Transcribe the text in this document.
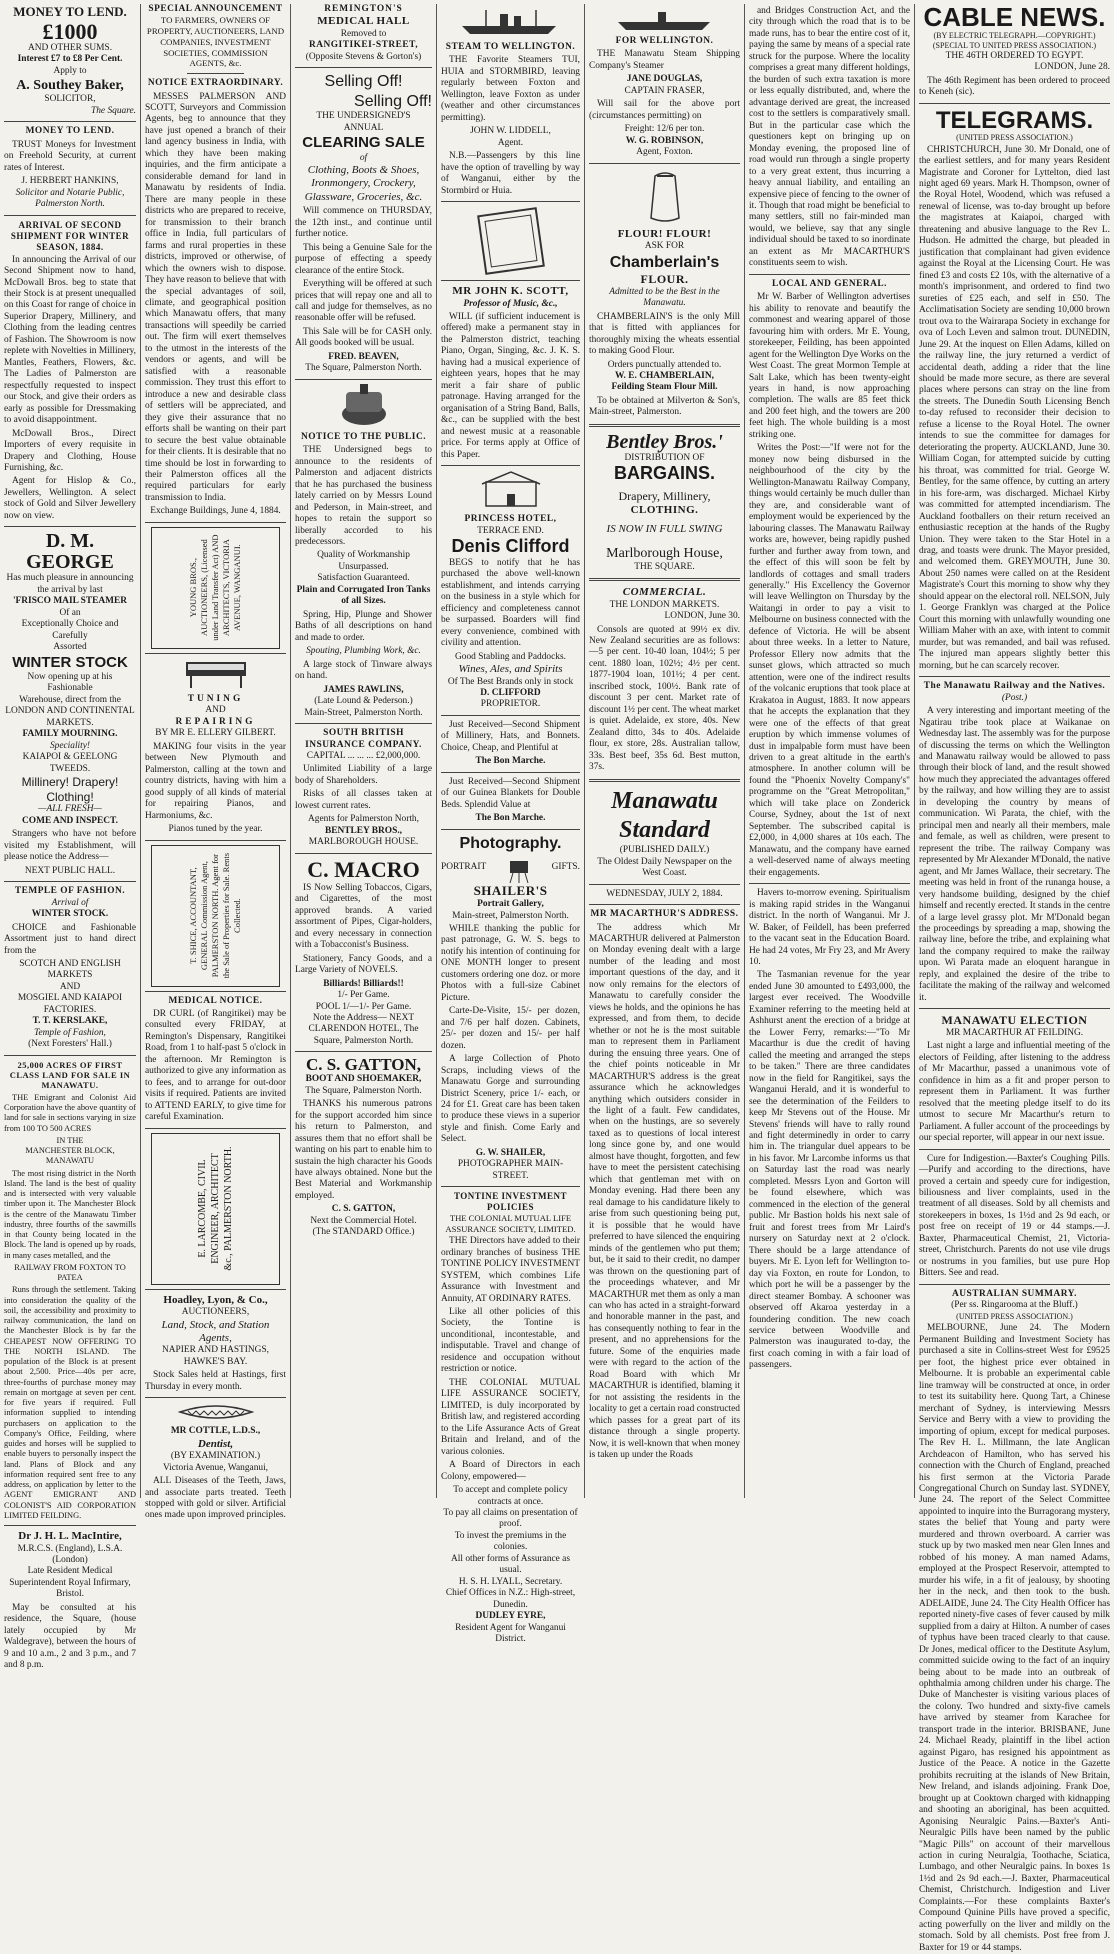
MONEY TO LEND.
£1000
AND OTHER SUMS.
Interest £7 to £8 Per Cent.
Apply to
A. Southey Baker,
SOLICITOR,
The Square.
MONEY TO LEND.

TRUST Moneys for Investment on Freehold Security, at current rates of Interest.

J. HERBERT HANKINS,
Solicitor and Notarie Public, Palmerston North.
ARRIVAL OF SECOND SHIPMENT FOR WINTER SEASON, 1884.

In announcing the Arrival of our Second Shipment now to hand, McDowall Bros. beg to state that their Stock is at present unequalled on this Coast for range of choice in Superior Drapery, Millinery, and Clothing from the leading centres of Fashion. The Showroom is now replete with Novelties in Millinery, Mantles, Feathers, Flowers, &c. The Ladies of Palmerston are respectfully requested to inspect our Stock, and give their orders as early as possible for Dressmaking to avoid disappointment.

McDowall Bros., Direct Importers of every requisite in Drapery and Clothing, House Furnishing, &c.

Agent for Hislop & Co., Jewellers, Wellington. A select stock of Gold and Silver Jewellery now on view.

D. M. GEORGE
Has much pleasure in announcing
the arrival by last
'FRISCO MAIL STEAMER
Of an
Exceptionally Choice and Carefully
Assorted
WINTER STOCK
Now opening up at his Fashionable
Warehouse, direct from the
LONDON AND CONTINENTAL
MARKETS.
FAMILY MOURNING.
Speciality!
KAIAPOI & GEELONG TWEEDS.
Millinery! Drapery!
Clothing!
—ALL FRESH—
COME AND INSPECT.

Strangers who have not before visited my Establishment, will please notice the Address—

NEXT PUBLIC HALL.
TEMPLE OF FASHION.
Arrival of
WINTER STOCK.

CHOICE and Fashionable Assortment just to hand direct from the

SCOTCH AND ENGLISH MARKETS
AND
MOSGIEL AND KAIAPOI FACTORIES.
T. T. KERSLAKE,
Temple of Fashion,
(Next Foresters' Hall.)
25,000 ACRES OF FIRST CLASS LAND FOR SALE IN MANAWATU.

THE Emigrant and Colonist Aid Corporation have the above quantity of land for sale in sections varying in size from 100 TO 500 ACRES

IN THE
MANCHESTER BLOCK, MANAWATU

The most rising district in the North Island. The land is the best of quality and is intersected with very valuable timber upon it. The Manchester Block is the centre of the Manawatu Timber industry, three fourths of the sawmills in that County being located in the Block. The land is opened up by roads, in many cases metalled, and the

RAILWAY FROM FOXTON TO PATEA

Runs through the settlement. Taking into consideration the quality of the soil, the accessibility and proximity to railway communication, the land on the Manchester Block is by far the CHEAPEST NOW OFFERING TO THE NORTH ISLAND. The population of the Block is at present about 2,500. Price—40s per acre, three-fourths of purchase money may remain on mortgage at seven per cent. for five years if required. Full information supplied to intending purchasers on application to the Company's Office, Feilding, where guides and horses will be supplied to enable buyers to personally inspect the land. Plans of Block and any information required sent free to any address, on application by letter to the AGENT EMIGRANT AND COLONIST'S AID CORPORATION LIMITED FEILDING.

Dr J. H. L. MacIntire,
M.R.C.S. (England), L.S.A. (London)
Late Resident Medical Superintendent Royal Infirmary, Bristol.

May be consulted at his residence, the Square, (house lately occupied by Mr Waldegrave), between the hours of 9 and 10 a.m., 2 and 3 p.m., and 7 and 8 p.m.

SPECIAL ANNOUNCEMENT
TO FARMERS, OWNERS OF PROPERTY, AUCTIONEERS, LAND COMPANIES, INVESTMENT SOCIETIES, COMMISSION AGENTS, &c.
NOTICE EXTRAORDINARY.

MESSES PALMERSON AND SCOTT, Surveyors and Commission Agents, beg to announce that they have just opened a branch of their land agency business in India, with which they have been making inquiries, and the firm anticipate a considerable demand for land in Manawatu by residents of India. There are many people in these districts who are prepared to receive, for transmission to their branch office in India, full particulars of farms and rural properties in these districts, improved or otherwise, of which the owners wish to dispose. They have reason to believe that with the special advantages of soil, climate, and geographical position which Manawatu offers, that many transactions will speedily be carried out. The firm will exert themselves to the utmost in the interests of the vendors or agents, and will be satisfied with a reasonable commission. They trust this effort to introduce a new and desirable class of settlers will be appreciated, and they give their assurance that no efforts shall be wanting on their part to secure the best value obtainable for their clients. It is desirable that no time should be lost in forwarding to their Palmerston offices all the required particulars for early transmission to India.

Exchange Buildings, June 4, 1884.
YOUNG BROS., AUCTIONEERS, (Licensed under Land Transfer Act) AND ARCHITECTS, VICTORIA AVENUE, WANGANUI.
TUNING
AND
REPAIRING
BY MR E. ELLERY GILBERT.

MAKING four visits in the year between New Plymouth and Palmerston, calling at the town and country districts, having with him a good supply of all kinds of material for repairing Pianos, and Harmoniums, &c.

Pianos tuned by the year.
T. SHICE, ACCOUNTANT, GENERAL Commission Agent, PALMERSTON NORTH. Agent for the Sale of Properties for Sale. Rents Collected.
MEDICAL NOTICE.

DR CURL (of Rangitikei) may be consulted every FRIDAY, at Remington's Dispensary, Rangitikei Road, from 1 to half-past 5 o'clock in the afternoon. Mr Remington is authorized to give any information as to fees, and to arrange for out-door visits if required. Patients are invited to ATTEND EARLY, to give time for careful Examination.

E. LARCOMBE, CIVIL ENGINEER, ARCHITECT &c., PALMERSTON NORTH.
Hoadley, Lyon, & Co.,
AUCTIONEERS,
Land, Stock, and Station Agents,
NAPIER AND HASTINGS,
HAWKE'S BAY.

Stock Sales held at Hastings, first Thursday in every month.

MR COTTLE, L.D.S.,
Dentist,
(BY EXAMINATION.)
Victoria Avenue, Wanganui,

ALL Diseases of the Teeth, Jaws, and associate parts treated. Teeth stopped with gold or silver. Artificial ones made upon improved principles.

REMINGTON'S
MEDICAL HALL
Removed to
RANGITIKEI-STREET,
(Opposite Stevens & Gorton's)
Selling Off!
Selling Off!
THE UNDERSIGNED'S
ANNUAL
CLEARING SALE
of
Clothing, Boots & Shoes, Ironmongery, Crockery, Glassware, Groceries, &c.

Will commence on THURSDAY, the 12th inst., and continue until further notice.

This being a Genuine Sale for the purpose of effecting a speedy clearance of the entire Stock.

Everything will be offered at such prices that will repay one and all to call and judge for themselves, as no reasonable offer will be refused.

This Sale will be for CASH only. All goods booked will be usual.

FRED. BEAVEN,
The Square, Palmerston North.
NOTICE TO THE PUBLIC.

THE Undersigned begs to announce to the residents of Palmerston and adjacent districts that he has purchased the business lately carried on by Messrs Lound and Pederson, in Main-street, and hopes to retain the support so liberally accorded to his predecessors.

Quality of Workmanship Unsurpassed.
Satisfaction Guaranteed.
Plain and Corrugated Iron Tanks of all Sizes.

Spring, Hip, Plunge and Shower Baths of all descriptions on hand and made to order.

Spouting, Plumbing Work, &c.

A large stock of Tinware always on hand.

JAMES RAWLINS,
(Late Lound & Pederson.)
Main-Street, Palmerston North.
SOUTH BRITISH INSURANCE COMPANY.
CAPITAL ... ... ... £2,000,000.

Unlimited Liability of a large body of Shareholders.

Risks of all classes taken at lowest current rates.

Agents for Palmerston North,
BENTLEY BROS.,
MARLBOROUGH HOUSE.
C. MACRO

IS Now Selling Tobaccos, Cigars, and Cigarettes, of the most approved brands. A varied assortment of Pipes, Cigar-holders, and every necessary in connection with a Tobacconist's Business.

Stationery, Fancy Goods, and a Large Variety of NOVELS.

Billiards! Billiards!!
1/- Per Game.
POOL 1/—1/- Per Game.
Note the Address— NEXT CLARENDON HOTEL, The Square, Palmerston North.
C. S. GATTON,
BOOT AND SHOEMAKER,
The Square, Palmerston North.

THANKS his numerous patrons for the support accorded him since his return to Palmerston, and assures them that no effort shall be wanting on his part to enable him to sustain the high character his Goods have always obtained. None but the Best Material and Workmanship employed.

C. S. GATTON,
Next the Commercial Hotel.
(The STANDARD Office.)
STEAM TO WELLINGTON.

THE Favorite Steamers TUI, HUIA and STORMBIRD, leaving regularly between Foxton and Wellington, leave Foxton as under (weather and other circumstances permitting).

JOHN W. LIDDELL,
Agent.

N.B.—Passengers by this line have the option of travelling by way of Wanganui, either by the Stormbird or Huia.

MR JOHN K. SCOTT,
Professor of Music, &c.,

WILL (if sufficient inducement is offered) make a permanent stay in the Palmerston district, teaching Piano, Organ, Singing, &c. J. K. S. having had a musical experience of eighteen years, hopes that he may merit a fair share of public patronage. Having arranged for the organisation of a String Band, Balls, &c., can be supplied with the best and newest music at a reasonable price. For terms apply at Office of this Paper.

PRINCESS HOTEL,
TERRACE END.
Denis Clifford

BEGS to notify that he has purchased the above well-known establishment, and intends carrying on the business in a style which for efficiency and completeness cannot be surpassed. Boarders will find every convenience, combined with civility and attention.

Good Stabling and Paddocks.
Wines, Ales, and Spirits
Of The Best Brands only in stock
D. CLIFFORD
PROPRIETOR.

Just Received—Second Shipment of Millinery, Hats, and Bonnets. Choice, Cheap, and Plentiful at

The Bon Marche.

Just Received—Second Shipment of our Guinea Blankets for Double Beds. Splendid Value at

The Bon Marche.
Photography.
PORTRAIT	GIFTS.
SHAILER'S
Portrait Gallery,
Main-street, Palmerston North.

WHILE thanking the public for past patronage, G. W. S. begs to notify his intention of continuing for ONE MONTH longer to present customers ordering one doz. or more Photos with a full-size Cabinet Picture.

Carte-De-Visite, 15/- per dozen, and 7/6 per half dozen. Cabinets, 25/- per dozen and 15/- per half dozen.

A large Collection of Photo Scraps, including views of the Manawatu Gorge and surrounding District Scenery, price 1/- each, or 24 for £1. Great care has been taken to produce these views in a superior style and finish. Come Early and Select.

G. W. SHAILER,
PHOTOGRAPHER MAIN-STREET.
TONTINE INVESTMENT POLICIES
THE COLONIAL MUTUAL LIFE ASSURANCE SOCIETY, LIMITED.

THE Directors have added to their ordinary branches of business THE TONTINE POLICY INVESTMENT SYSTEM, which combines Life Assurance with Investment and Annuity, AT ORDINARY RATES.

Like all other policies of this Society, the Tontine is unconditional, incontestable, and indisputable. Travel and change of residence and occupation without restriction or notice.

THE COLONIAL MUTUAL LIFE ASSURANCE SOCIETY, LIMITED, is duly incorporated by British law, and registered according to the Life Assurance Acts of Great Britain and Ireland, and of the various colonies.

A Board of Directors in each Colony, empowered—

To accept and complete policy contracts at once.
To pay all claims on presentation of proof.
To invest the premiums in the colonies.
All other forms of Assurance as usual.
H. S. H. LYALL, Secretary.
Chief Offices in N.Z.: High-street, Dunedin.
DUDLEY EYRE,
Resident Agent for Wanganui District.
FOR WELLINGTON.

THE Manawatu Steam Shipping Company's Steamer

JANE DOUGLAS,
CAPTAIN FRASER,

Will sail for the above port (circumstances permitting) on

Freight: 12/6 per ton.
W. G. ROBINSON,
Agent, Foxton.
FLOUR! FLOUR!
ASK FOR
Chamberlain's
FLOUR.
Admitted to be the Best in the Manawatu.

CHAMBERLAIN'S is the only Mill that is fitted with appliances for thoroughly mixing the wheats essential to making Good Flour.

Orders punctually attended to.
W. E. CHAMBERLAIN,
Feilding Steam Flour Mill.

To be obtained at Milverton & Son's, Main-street, Palmerston.

Bentley Bros.'
DISTRIBUTION OF
BARGAINS.
Drapery, Millinery,
CLOTHING.
IS NOW IN FULL SWING
Marlborough House,
THE SQUARE.
COMMERCIAL.
THE LONDON MARKETS.
LONDON, June 30.

Consols are quoted at 99½ ex div. New Zealand securities are as follows:—5 per cent. 10-40 loan, 104½; 5 per cent. 1880 loan, 102½; 4½ per cent. 1877-1904 loan, 101½; 4 per cent. inscribed stock, 100½. Bank rate of discount 3 per cent. Market rate of discount 1½ per cent. The wheat market is quiet. Adelaide, ex store, 40s. New Zealand ditto, 34s to 40s. Adelaide flour, ex store, 28s. Australian tallow, 33s. Best beef, 35s 6d. Best mutton, 37s.

Manawatu Standard
(PUBLISHED DAILY.)
The Oldest Daily Newspaper on the West Coast.
WEDNESDAY, JULY 2, 1884.
MR MACARTHUR'S ADDRESS.

The address which Mr MACARTHUR delivered at Palmerston on Monday evening dealt with a large number of the leading and most important questions of the day, and it now only remains for the electors of Manawatu to carefully consider the views he holds, and the opinions he has expressed, and from them, to decide whether or not he is the most suitable man to represent them in Parliament during the ensuing three years. One of the chief points noticeable in Mr MACARTHUR'S address is the great assurance which he acknowledges anything which outsiders consider in the light of a fault. Few candidates, when on the hustings, are so severely taxed as to questions of local interest long since gone by, and one would almost have thought, forgotten, and few have to meet the persistent catechising which that gentleman met with on Monday evening. Had there been any real damage to his candidature likely to arise from such questioning being put, it is possible that he would have preferred to have silenced the enquiring minds of the gentlemen who put them; but, be it said to their credit, no damper was thrown on the questioning part of the proceedings whatever, and Mr MACARTHUR met them as only a man can who has acted in a straight-forward and honorable manner in the past, and has consequently nothing to fear in the present, and no apprehensions for the future. Some of the enquiries made were with regard to the action of the Road Board with which Mr MACARTHUR is identified, blaming it for not assisting the residents in the locality to get a certain road constructed which passes for a great part of its distance through a single property. Now, it is well-known that when money is taken up under the Roads

and Bridges Construction Act, and the city through which the road that is to be made runs, has to bear the entire cost of it, paying the same by means of a special rate struck for the purpose. Where the locality comprises a great many different holdings, the burden of such extra taxation is more or less equally distributed, and, where the advantage derived are great, the increased cost to the settlers is comparatively small. But in the particular case which the questioners kept on bringing up on Monday evening, the proposed line of road would run through a single property to a very great extent, thus incurring a heavy annual liability, and entailing an expensive piece of fencing to the owner of it. Though that road might be beneficial to many settlers, still no fair-minded man would, we believe, say that any single individual should be taxed to so inordinate an extent as Mr MACARTHUR'S constituents seem to wish.

LOCAL AND GENERAL.

Mr W. Barber of Wellington advertises his ability to renovate and beautify the commonest and wearing apparel of those favouring him with orders. Mr E. Young, storekeeper, Feilding, has been appointed agent for the Wellington Dye Works on the West Coast. The great Mormon Temple at Salt Lake, which has been twenty-eight years in hand, is now approaching completion. The walls are 85 feet thick and 200 feet high, and the towers are 200 feet high. The whole building is a most striking one.

Writes the Post:—"If were not for the money now being disbursed in the neighbourhood of the city by the Wellington-Manawatu Railway Company, things would certainly be much duller than they are, and considerable want of employment would be experienced by the labouring classes. The Manawatu Railway works are, however, being rapidly pushed further and further away from town, and the effect of this will soon be felt by landlords of cottages and small traders generally." His Excellency the Governor will leave Wellington on Thursday by the Waitangi in order to pay a visit to Melbourne on business connected with the defence of Victoria. He will be absent about three weeks. In a letter to Nature, Professor Ellery now admits that the sunset glows, which attracted so much attention, were one of the indirect results of the volcanic eruptions that took place at Krakatoa in August, 1883. It now appears that he accepts the explanation that they were one of the effects of that great eruption by which immense volumes of dust in impalpable form must have been driven to a great altitude in the earth's atmosphere. In another column will be found the "Phoenix Novelty Company's" programme on the "Great Metropolitan," which will take place on Zonderick Course, Sydney, about the 1st of next September. The subscribed capital is £2,000, in 4,000 shares at 10s each. The Manawatu, and the company have earned a well-deserved name of always meeting their engagements.

Havers to-morrow evening. Spiritualism is making rapid strides in the Wanganui district. In the north of Wanganui. Mr J. W. Baker, of Feildell, has been preferred to the vacant seat in the Education Board. He had 24 votes, Mr Fry 23, and Mr Avery 10.

The Tasmanian revenue for the year ended June 30 amounted to £493,000, the largest ever received. The Woodville Examiner referring to the meeting held at Ashhurst anent the erection of a bridge at the Lower Ferry, remarks:—"To Mr Macarthur is due the credit of having called the meeting and arranged the steps to be taken." There are three candidates now in the field for Rangitikei, says the Wanganui Herald, and it is wonderful to see the determination of the Feilders to keep Mr Stevens out of the House. Mr Stevens' friends will have to rally round and fight determinedly in order to carry him in. The triangular duel appears to be in his favor. Mr Larcombe informs us that on Saturday last the road was nearly completed. Messrs Lyon and Gorton will be found elsewhere, which was commenced in the election of the general public. Mr Bastion holds his next sale of fruit and forest trees from Mr Laird's nursery on Saturday next at 2 o'clock. There should be a large attendance of buyers. Mr E. Lyon left for Wellington to-day via Foxton, en route for London, to which port he will be a passenger by the direct steamer Bombay. A schooner was observed off Akaroa yesterday in a foundering condition. The new coach service between Woodville and Palmerston was inaugurated to-day, the first coach coming in with a fair load of passengers.

CABLE NEWS.
(BY ELECTRIC TELEGRAPH.—COPYRIGHT.)
(SPECIAL TO UNITED PRESS ASSOCIATION.)
THE 46TH ORDERED TO EGYPT.
LONDON, June 28.

The 46th Regiment has been ordered to proceed to Keneh (sic).

TELEGRAMS.
(UNITED PRESS ASSOCIATION.)

CHRISTCHURCH, June 30. Mr Donald, one of the earliest settlers, and for many years Resident Magistrate and Coroner for Lyttelton, died last night aged 69 years. Mark H. Thompson, owner of the Royal Hotel, Woodend, which was refused a renewal of license, was to-day brought up before the magistrates at Kaiapoi, charged with threatening and abusive language to the Rev L. Hudson. He admitted the charge, but pleaded in justification that complainant had given evidence against the Royal at the Licensing Court. He was fined £3 and costs £2 10s, with the alternative of a month's imprisonment, and ordered to find two sureties of £25 each, and self in £50. The Acclimatisation Society are sending 10,000 brown trout ova to the Wairarapa Society in exchange for ova of Loch Leven and salmon trout. DUNEDIN, June 29. At the inquest on Ellen Adams, killed on the railway line, the jury returned a verdict of accidental death, adding a rider that the line should be made more secure, as there are several places where persons can stray on the line from the streets. The Dunedin South Licensing Bench to-day refused to reconsider their decision to refuse a license to the Royal Hotel. The owner intends to sue the committee for damages for deteriorating the property. AUCKLAND, June 30. William Cogan, for attempted suicide by cutting his throat, was committed for trial. George W. Bentley, for the same offence, by cutting an artery in his fore-arm, was discharged. Michael Kirby was committed for attempted incendiarism. The Auckland footballers on their return received an enthusiastic reception at the hands of the Rugby Union. They were taken to the Star Hotel in a drag, and toasts were drunk. The Mayor presided, and welcomed them. GREYMOUTH, June 30. About 250 names were called on at the Resident Magistrate's Court this morning to show why they should appear on the electoral roll. NELSON, July 1. George Franklyn was charged at the Police Court this morning with unlawfully wounding one William Maher with an axe, with intent to commit murder, but was remanded, and bail was refused. The injured man appears slightly better this morning, but he can scarcely recover.

The Manawatu Railway and the Natives.
(Post.)

A very interesting and important meeting of the Ngatirau tribe took place at Waikanae on Wednesday last. The assembly was for the purpose of discussing the terms on which the Wellington and Manawatu railway would be allowed to pass through their block of land, and the result showed how much they appreciated the advantages offered by the railway, and how willing they are to assist in developing the country by means of communication. Wi Parata, the chief, with the principal men and nearly all their members, male and female, as well as children, were present to represent the tribe. The railway Company was represented by Mr Alexander M'Donald, the native agent, and Mr James Wallace, their secretary. The meeting was held in front of the runanga house, a very handsome building, designed by the chief himself and recently erected. It stands in the centre of a large level grassy plot. Mr M'Donald began the proceedings by spreading a map, showing the railway line, before the tribe, and explaining what land the company required to make the railway upon. Wi Parata made an eloquent harangue in reply, and explained the desire of the tribe to facilitate the making of the railway and welcomed it.

MANAWATU ELECTION
MR MACARTHUR AT FEILDING.

Last night a large and influential meeting of the electors of Feilding, after listening to the address of Mr Macarthur, passed a unanimous vote of confidence in him as a fit and proper person to represent them in Parliament. It was further resolved that the meeting pledge itself to do its utmost to secure Mr Macarthur's return to Parliament. A fuller account of the proceedings by our special reporter, will appear in our next issue.

Cure for Indigestion.—Baxter's Coughing Pills.—Purify and according to the directions, have proved a certain and speedy cure for indigestion, biliousness and liver complaints, used in the treatment of all diseases. Sold by all chemists and storekeepers in boxes, 1s 1½d and 2s 9d each, or post free on receipt of 19 or 44 stamps.—J. Baxter, Pharmaceutical Chemist, 21, Victoria-street, Christchurch. Parents do not use vile drugs or nostrums in you families, but use pure Hop Bitters. See and read.

AUSTRALIAN SUMMARY.
(Per ss. Ringarooma at the Bluff.)
(UNITED PRESS ASSOCIATION.)

MELBOURNE, June 24. The Modern Permanent Building and Investment Society has purchased a site in Collins-street West for £9525 per foot, the highest price ever obtained in Melbourne. It is probable an experimental cable line tramway will be constructed at once, in order to test its suitability here. Quong Tart, a Chinese merchant of Sydney, is interviewing Messrs Service and Berry with a view to providing the importing of opium, except for medical purposes. The Rev H. L. Millmann, the late Anglican Archdeacon of Hamilton, who has served his connection with the Church of England, preached his first sermon at the Victoria Parade Congregational Church on Sunday last. SYDNEY, June 24. The report of the Select Committee appointed to inquire into the Burragorang mystery, states the belief that Young and party were murdered and thrown overboard. A carrier was stuck up by two masked men near Glen Innes and robbed of his money. A man named Adams, employed at the Prospect Reservoir, attempted to murder his wife, in a fit of jealousy, by shooting her in the neck, and then took to the bush. ADELAIDE, June 24. The City Health Officer has reported ninety-five cases of fever caused by milk supplied from a dairy at Hilton. A number of cases of typhus have been traced clearly to that cause. Dr Jones, medical officer to the Destitute Asylum, committed suicide owing to the fact of an inquiry being about to be made into an outbreak of ophthalmia among children under his charge. The Duke of Manchester is visiting various places of the colony. Two hundred and sixty-five camels have arrived by steamer from Karachee for transport trade in the interior. BRISBANE, June 24. Michael Ready, plaintiff in the libel action against Pigaro, has resigned his appointment as Justice of the Peace. A notice in the Gazette prohibits recruiting at the islands of New Britain, New Ireland, and islands adjoining. Frank Doe, brought up at Cooktown charged with kidnapping and shooting an aboriginal, has been acquitted. Agonising Neuralgic Pains.—Baxter's Anti-Neuralgic Pills have been named by the public "Magic Pills" on account of their marvellous action in curing Neuralgia, Toothache, Sciatica, Lumbago, and other Neuralgic pains. In boxes 1s 1½d and 2s 9d each.—J. Baxter, Pharmaceutical Chemist, Christchurch. Indigestion and Liver Complaints.—For these complaints Baxter's Compound Quinine Pills have proved a specific, acting powerfully on the liver and mildly on the stomach. Sold by all chemists. Post free from J. Baxter for 19 or 44 stamps.
